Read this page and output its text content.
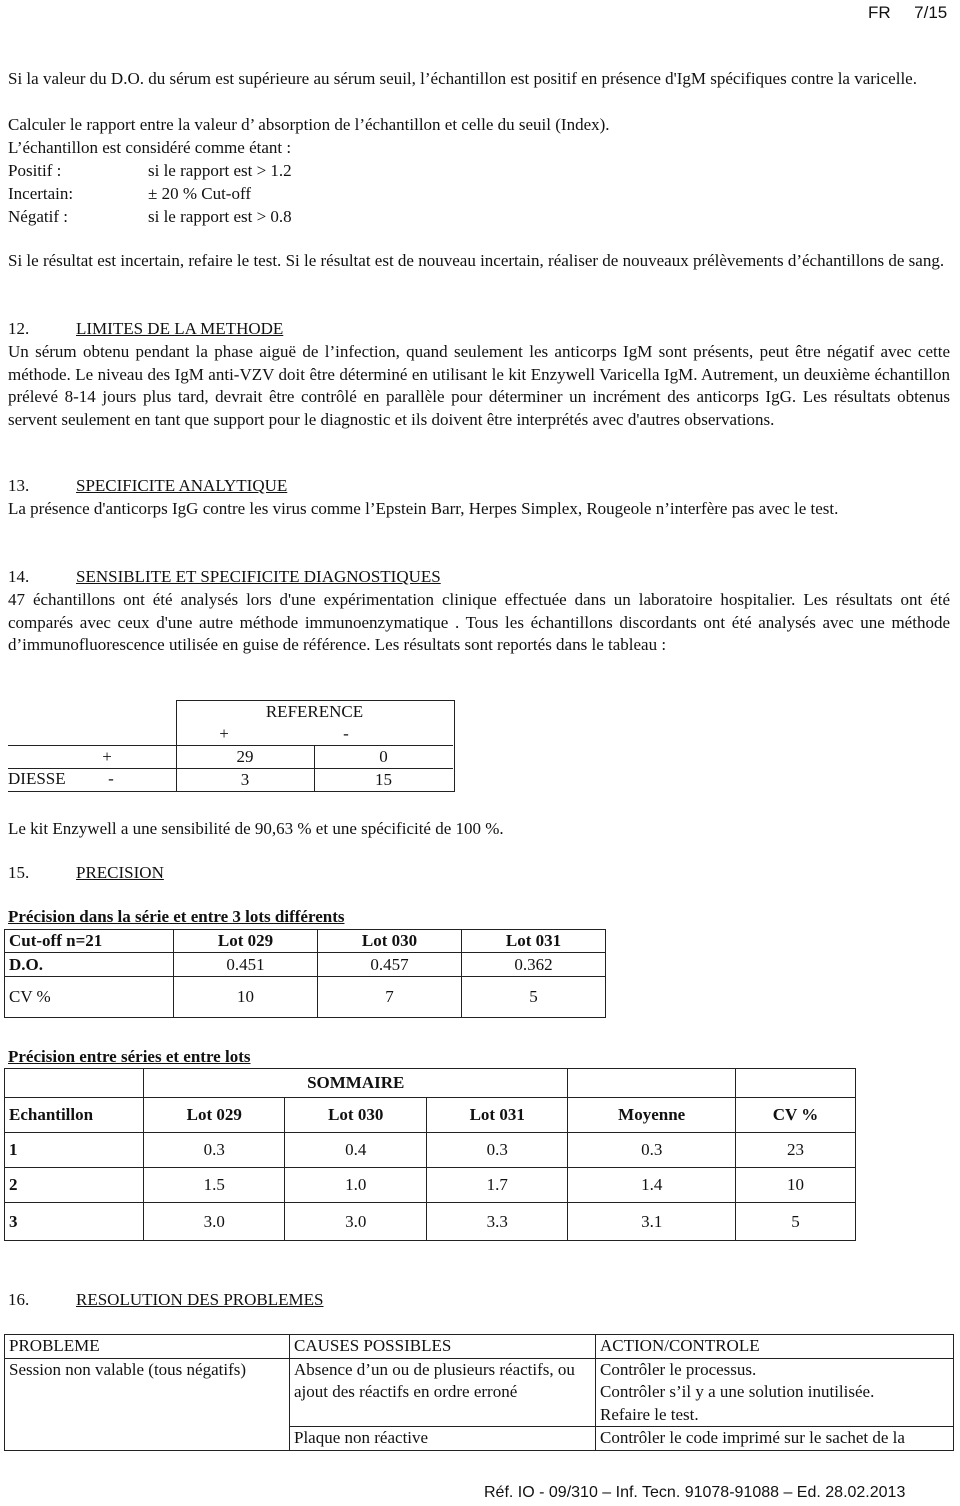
FR 7/15
Si la valeur du D.O. du sérum est supérieure au sérum seuil, l’échantillon est positif en présence d'IgM spécifiques contre la varicelle.
Calculer le rapport entre la valeur d’ absorption de l’échantillon et celle du seuil (Index).
L’échantillon est considéré comme étant :
Positif :	si le rapport est > 1.2
Incertain:	± 20 % Cut-off
Négatif :	si le rapport est > 0.8
Si le résultat est incertain, refaire le test. Si le résultat est de nouveau incertain, réaliser de nouveaux prélèvements d’échantillons de sang.
12.	LIMITES DE LA METHODE
Un sérum obtenu pendant la phase aiguë de l’infection, quand seulement les anticorps IgM sont présents, peut être négatif avec cette méthode. Le niveau des IgM anti-VZV doit être déterminé en utilisant le kit Enzywell Varicella IgM. Autrement, un deuxième échantillon prélevé 8-14 jours plus tard, devrait être contrôlé en parallèle pour déterminer un incrément des anticorps IgG. Les résultats obtenus servent seulement en tant que support pour le diagnostic et ils doivent être interprétés avec d'autres observations.
13.	SPECIFICITE ANALYTIQUE
La présence d'anticorps IgG contre les virus comme l’Epstein Barr, Herpes Simplex, Rougeole n’interfère pas avec le test.
14.	SENSIBLITE ET SPECIFICITE DIAGNOSTIQUES
47 échantillons ont été analysés lors d'une expérimentation clinique effectuée dans un laboratoire hospitalier. Les résultats ont été comparés avec ceux d'une autre méthode immunoenzymatique . Tous les échantillons discordants ont été analysés avec une méthode d’immunofluorescence utilisée en guise de référence. Les résultats sont reportés dans le tableau :
REFERENCE
+	-
+	29	0
DIESSE	-	3	15
Le kit Enzywell a une sensibilité de 90,63 % et une spécificité de 100 %.
15.	PRECISION
Précision dans la série et entre 3 lots différents
Cut-off n=21	Lot 029	Lot 030	Lot 031
D.O.	0.451	0.457	0.362
CV %	10	7	5
Précision entre séries et entre lots
	SOMMAIRE				
Echantillon	Lot 029	Lot 030	Lot 031	Moyenne	CV %
1	0.3	0.4	0.3	0.3	23
2	1.5	1.0	1.7	1.4	10
3	3.0	3.0	3.3	3.1	5
16.	RESOLUTION DES PROBLEMES
PROBLEME	CAUSES POSSIBLES	ACTION/CONTROLE
Session non valable (tous négatifs)	Absence d’un ou de plusieurs réactifs, ou ajout des réactifs en ordre erroné	Contrôler le processus.
Contrôler s’il y a une solution inutilisée.
Refaire le test.

	Plaque non réactive	Contrôler le code imprimé sur le sachet de la
Réf. IO - 09/310 – Inf. Tecn. 91078-91088 – Ed. 28.02.2013
